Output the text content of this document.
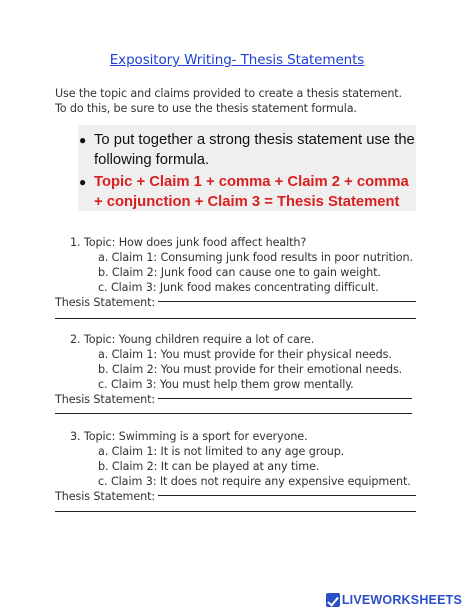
Expository Writing- Thesis Statements
Use the topic and claims provided to create a thesis statement.
To do this, be sure to use the thesis statement formula.
● To put together a strong thesis statement use the following formula.
● Topic + Claim 1 + comma + Claim 2 + comma + conjunction + Claim 3 = Thesis Statement
1. Topic: How does junk food affect health?
a. Claim 1: Consuming junk food results in poor nutrition.
b. Claim 2: Junk food can cause one to gain weight.
c. Claim 3: Junk food makes concentrating difficult.
Thesis Statement:
2. Topic: Young children require a lot of care.
a. Claim 1: You must provide for their physical needs.
b. Claim 2: You must provide for their emotional needs.
c. Claim 3: You must help them grow mentally.
Thesis Statement:
3. Topic: Swimming is a sport for everyone.
a. Claim 1: It is not limited to any age group.
b. Claim 2: It can be played at any time.
c. Claim 3: It does not require any expensive equipment.
Thesis Statement:
LIVEWORKSHEETS
